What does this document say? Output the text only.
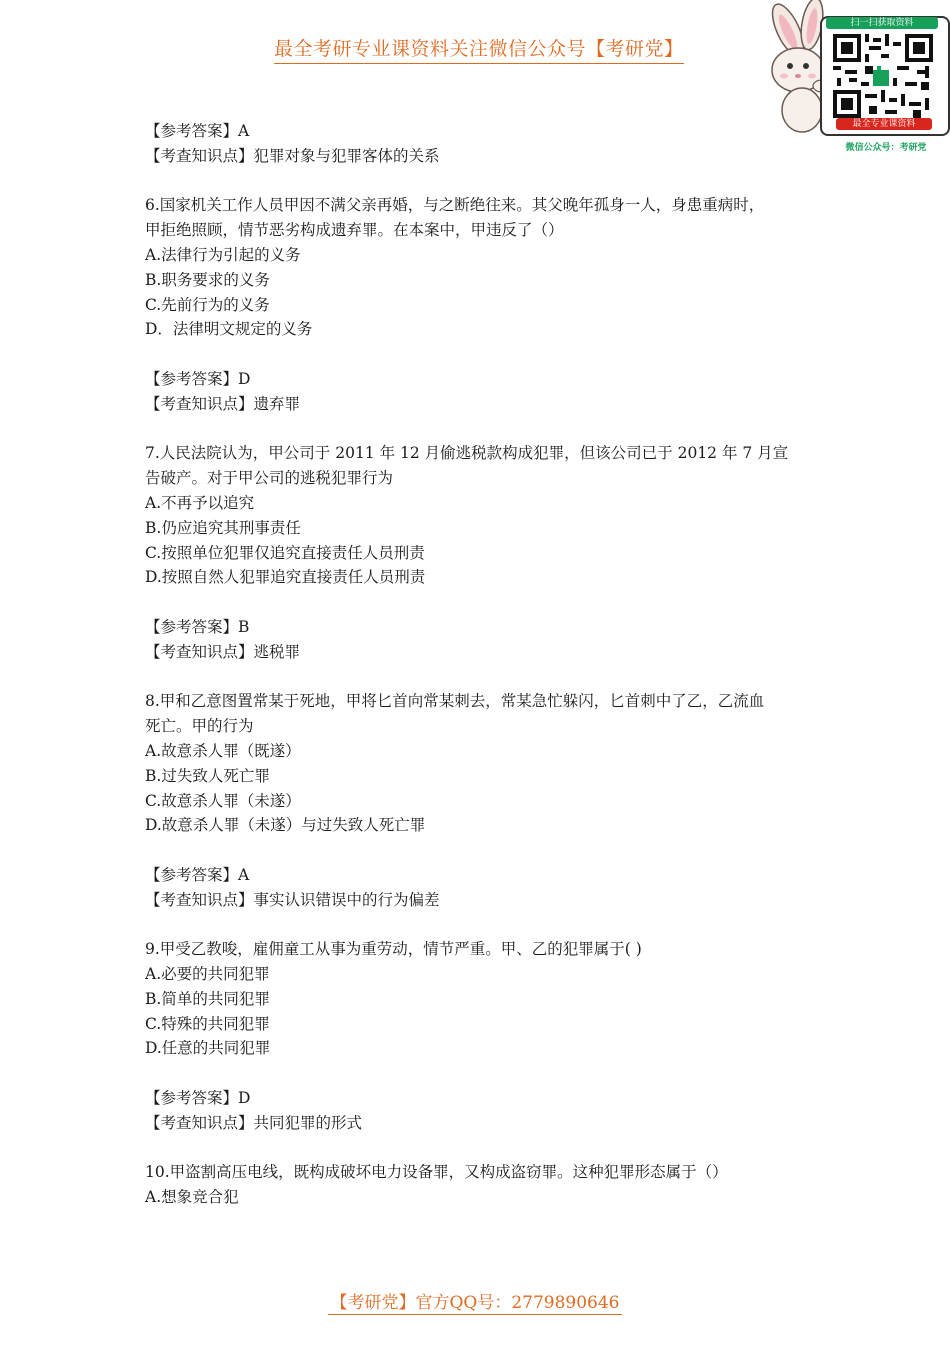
最全考研专业课资料关注微信公众号【考研党】
扫一扫获取资料
最全专业课资料
微信公众号：考研党
【参考答案】A
【考查知识点】犯罪对象与犯罪客体的关系
6.国家机关工作人员甲因不满父亲再婚，与之断绝往来。其父晚年孤身一人，身患重病时，
甲拒绝照顾，情节恶劣构成遗弃罪。在本案中，甲违反了（）
A.法律行为引起的义务
B.职务要求的义务
C.先前行为的义务
D．法律明文规定的义务
【参考答案】D
【考查知识点】遗弃罪
7.人民法院认为，甲公司于 2011 年 12 月偷逃税款构成犯罪，但该公司已于 2012 年 7 月宣
告破产。对于甲公司的逃税犯罪行为
A.不再予以追究
B.仍应追究其刑事责任
C.按照单位犯罪仅追究直接责任人员刑责
D.按照自然人犯罪追究直接责任人员刑责
【参考答案】B
【考查知识点】逃税罪
8.甲和乙意图置常某于死地，甲将匕首向常某刺去，常某急忙躲闪，匕首刺中了乙，乙流血
死亡。甲的行为
A.故意杀人罪（既遂）
B.过失致人死亡罪
C.故意杀人罪（未遂）
D.故意杀人罪（未遂）与过失致人死亡罪
【参考答案】A
【考查知识点】事实认识错误中的行为偏差
9.甲受乙教唆，雇佣童工从事为重劳动，情节严重。甲、乙的犯罪属于( )
A.必要的共同犯罪
B.简单的共同犯罪
C.特殊的共同犯罪
D.任意的共同犯罪
【参考答案】D
【考查知识点】共同犯罪的形式
10.甲盗割高压电线，既构成破坏电力设备罪，又构成盗窃罪。这种犯罪形态属于（）
A.想象竞合犯
【考研党】官方QQ号：2779890646
